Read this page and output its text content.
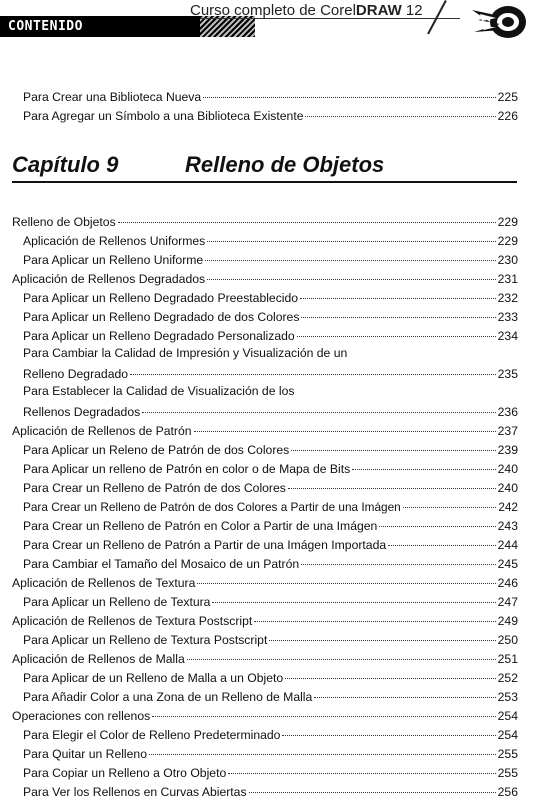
CONTENIDO
Curso completo de CorelDRAW 12
Para Crear una Biblioteca Nueva	225
Para Agregar un Símbolo a una Biblioteca Existente	226
Capítulo 9	Relleno de Objetos
Relleno de Objetos	229
Aplicación de Rellenos Uniformes	229
Para Aplicar un Relleno Uniforme	230
Aplicación de Rellenos Degradados	231
Para Aplicar un Relleno Degradado Preestablecido	232
Para Aplicar un Relleno Degradado de dos Colores	233
Para Aplicar un Relleno Degradado Personalizado	234
Para Cambiar la Calidad de Impresión y Visualización de un
Relleno Degradado	235
Para Establecer la Calidad de Visualización de los
Rellenos Degradados	236
Aplicación de Rellenos de Patrón	237
Para Aplicar un Releno de Patrón de dos Colores	239
Para Aplicar un relleno de Patrón en color o de Mapa de Bits	240
Para Crear un Relleno de Patrón de dos Colores	240
Para Crear un Relleno de Patrón de dos Colores a Partir de una Imágen	242
Para Crear un Relleno de Patrón en Color a Partir de una Imágen	243
Para Crear un Relleno de Patrón a Partir de una Imágen Importada	244
Para Cambiar el Tamaño del Mosaico de un Patrón	245
Aplicación de Rellenos de Textura	246
Para Aplicar un Relleno de Textura	247
Aplicación de Rellenos de Textura Postscript	249
Para Aplicar un Relleno de Textura Postscript	250
Aplicación de Rellenos de Malla	251
Para Aplicar de un Relleno de Malla a un Objeto	252
Para Añadir Color a una Zona de un Relleno de Malla	253
Operaciones con rellenos	254
Para Elegir el Color de Relleno Predeterminado	254
Para Quitar un Relleno	255
Para Copiar un Relleno a Otro Objeto	255
Para Ver los Rellenos en Curvas Abiertas	256
